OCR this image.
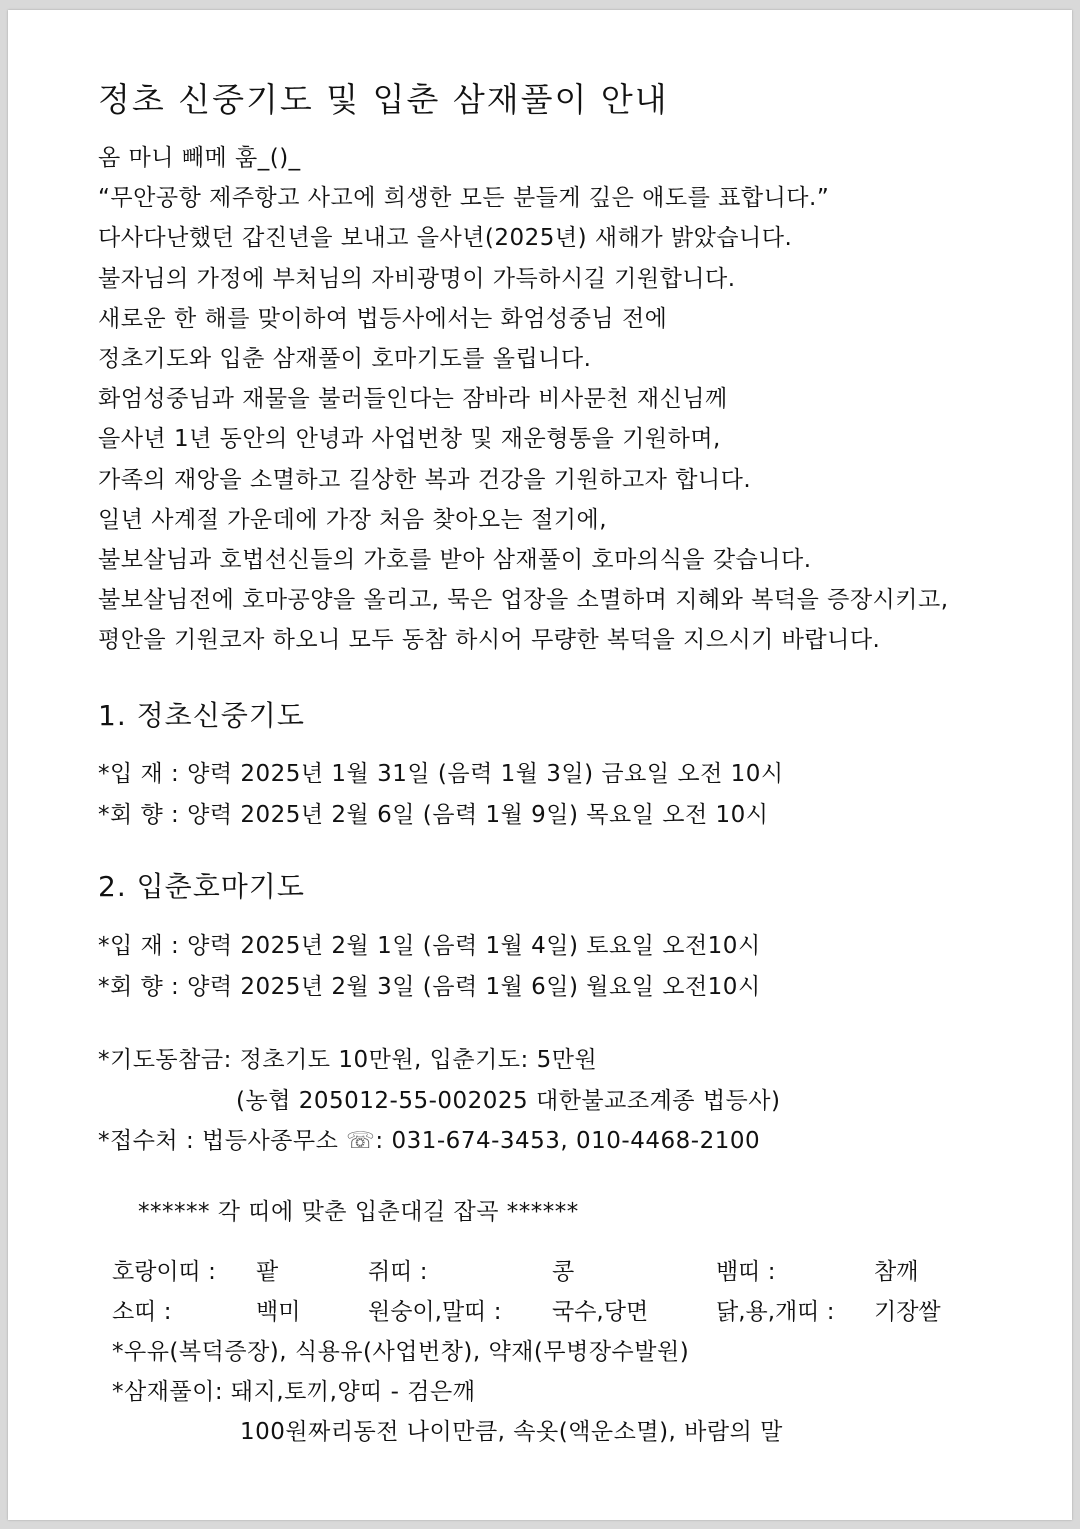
정초 신중기도 및 입춘 삼재풀이 안내
옴 마니 빼메 훔_()_
“무안공항 제주항고 사고에 희생한 모든 분들게 깊은 애도를 표합니다.”
다사다난했던 갑진년을 보내고 을사년(2025년) 새해가 밝았습니다.
불자님의 가정에 부처님의 자비광명이 가득하시길 기원합니다.
새로운 한 해를 맞이하여 법등사에서는 화엄성중님 전에
정초기도와 입춘 삼재풀이 호마기도를 올립니다.
화엄성중님과 재물을 불러들인다는 잠바라 비사문천 재신님께
을사년 1년 동안의 안녕과 사업번창 및 재운형통을 기원하며,
가족의 재앙을 소멸하고 길상한 복과 건강을 기원하고자 합니다.
일년 사계절 가운데에 가장 처음 찾아오는 절기에,
불보살님과 호법선신들의 가호를 받아 삼재풀이 호마의식을 갖습니다.
불보살님전에 호마공양을 올리고, 묵은 업장을 소멸하며 지혜와 복덕을 증장시키고,
평안을 기원코자 하오니 모두 동참 하시어 무량한 복덕을 지으시기 바랍니다.
1. 정초신중기도
*입 재 : 양력 2025년 1월 31일 (음력 1월 3일) 금요일 오전 10시
*회 향 : 양력 2025년 2월 6일 (음력 1월 9일) 목요일 오전 10시
2. 입춘호마기도
*입 재 : 양력 2025년 2월 1일 (음력 1월 4일) 토요일 오전10시
*회 향 : 양력 2025년 2월 3일 (음력 1월 6일) 월요일 오전10시
*기도동참금: 정초기도 10만원, 입춘기도: 5만원
(농협 205012-55-002025 대한불교조계종 법등사)
*접수처 : 법등사종무소 ☏: 031-674-3453, 010-4468-2100
****** 각 띠에 맞춘 입춘대길 잡곡 ******
호랑이띠 : 팥	쥐띠 :	콩	뱀띠 :	참깨
소띠 :	백미	원숭이,말띠 : 국수,당면	닭,용,개띠 : 기장쌀
*우유(복덕증장), 식용유(사업번창), 약재(무병장수발원)
*삼재풀이: 돼지,토끼,양띠 - 검은깨
100원짜리동전 나이만큼, 속옷(액운소멸), 바람의 말
